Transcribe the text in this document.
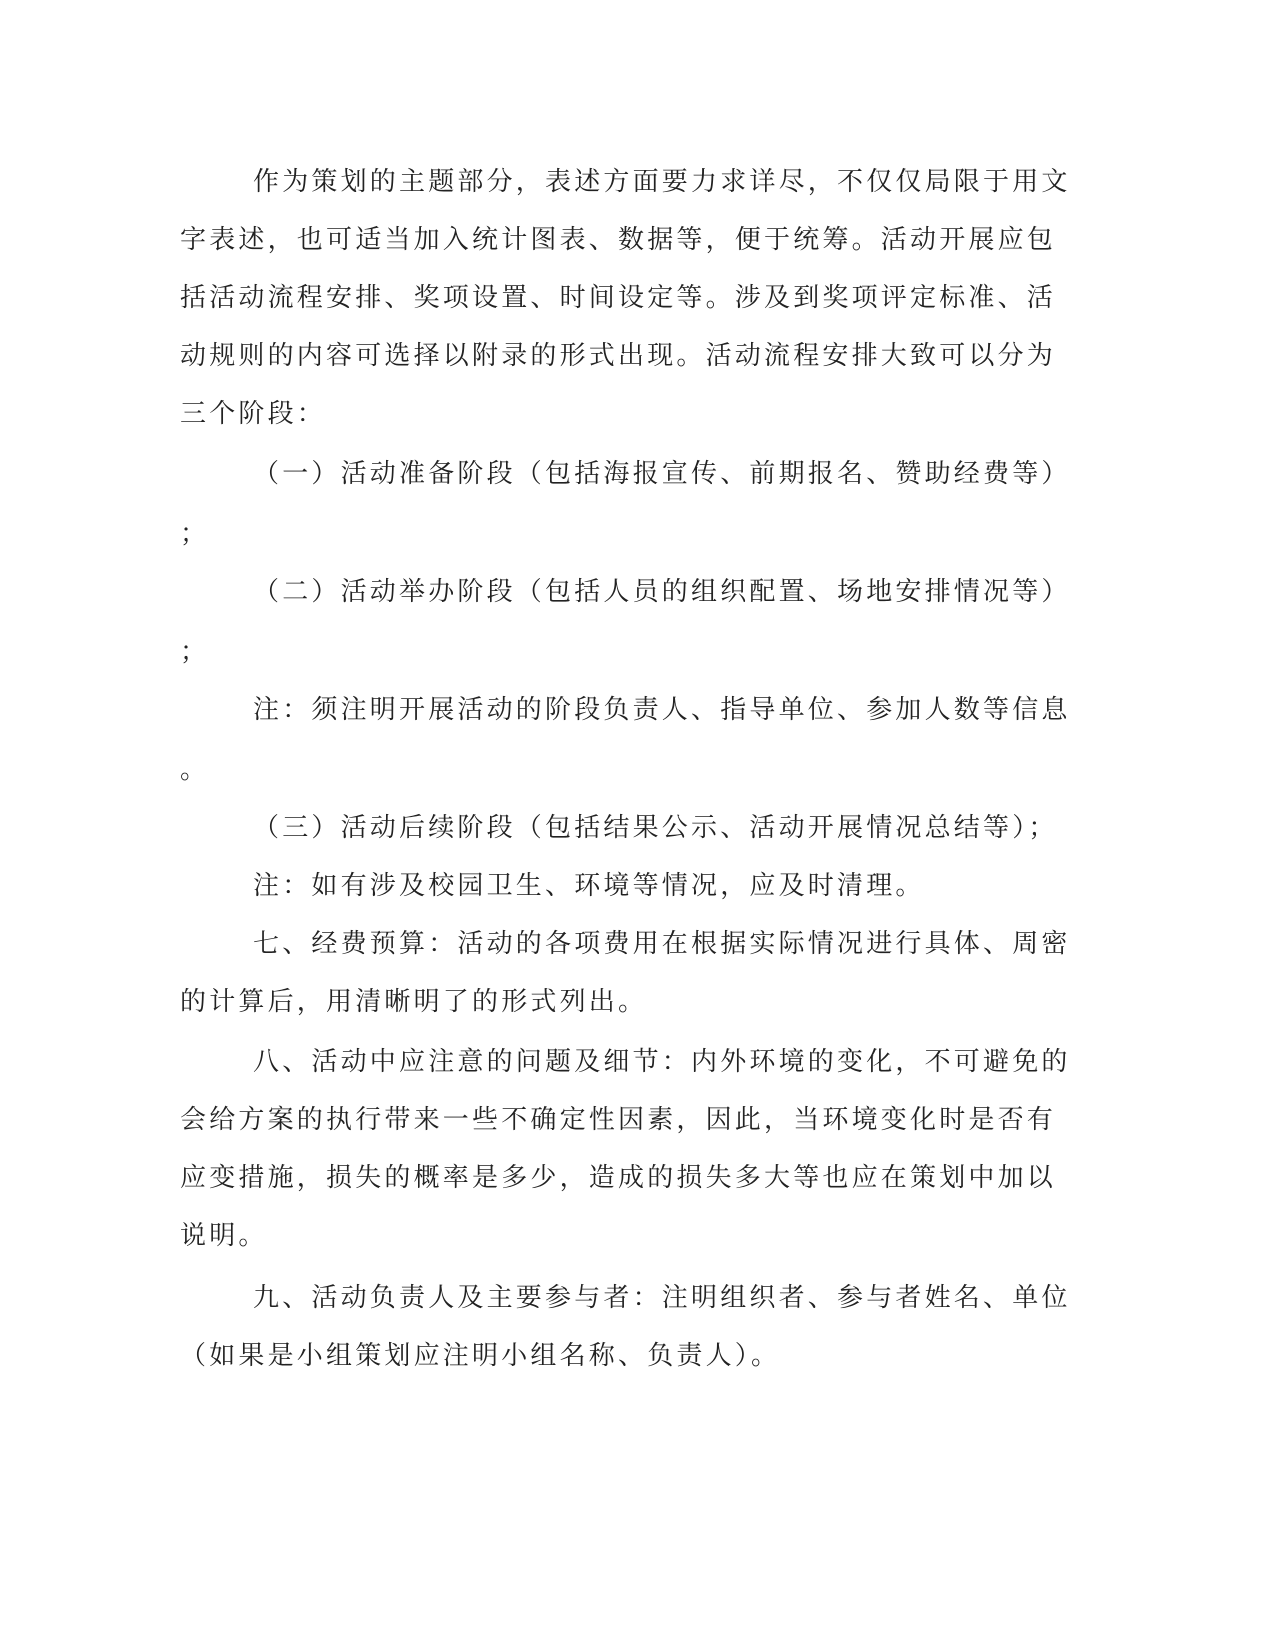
作为策划的主题部分，表述方面要力求详尽，不仅仅局限于用文
字表述，也可适当加入统计图表、数据等，便于统筹。活动开展应包
括活动流程安排、奖项设置、时间设定等。涉及到奖项评定标准、活
动规则的内容可选择以附录的形式出现。活动流程安排大致可以分为
三个阶段：
（一）活动准备阶段（包括海报宣传、前期报名、赞助经费等）
；
（二）活动举办阶段（包括人员的组织配置、场地安排情况等）
；
注：须注明开展活动的阶段负责人、指导单位、参加人数等信息
。
（三）活动后续阶段（包括结果公示、活动开展情况总结等）；
注：如有涉及校园卫生、环境等情况，应及时清理。
七、经费预算：活动的各项费用在根据实际情况进行具体、周密
的计算后，用清晰明了的形式列出。
八、活动中应注意的问题及细节：内外环境的变化，不可避免的
会给方案的执行带来一些不确定性因素，因此，当环境变化时是否有
应变措施，损失的概率是多少，造成的损失多大等也应在策划中加以
说明。
九、活动负责人及主要参与者：注明组织者、参与者姓名、单位
（如果是小组策划应注明小组名称、负责人）。
